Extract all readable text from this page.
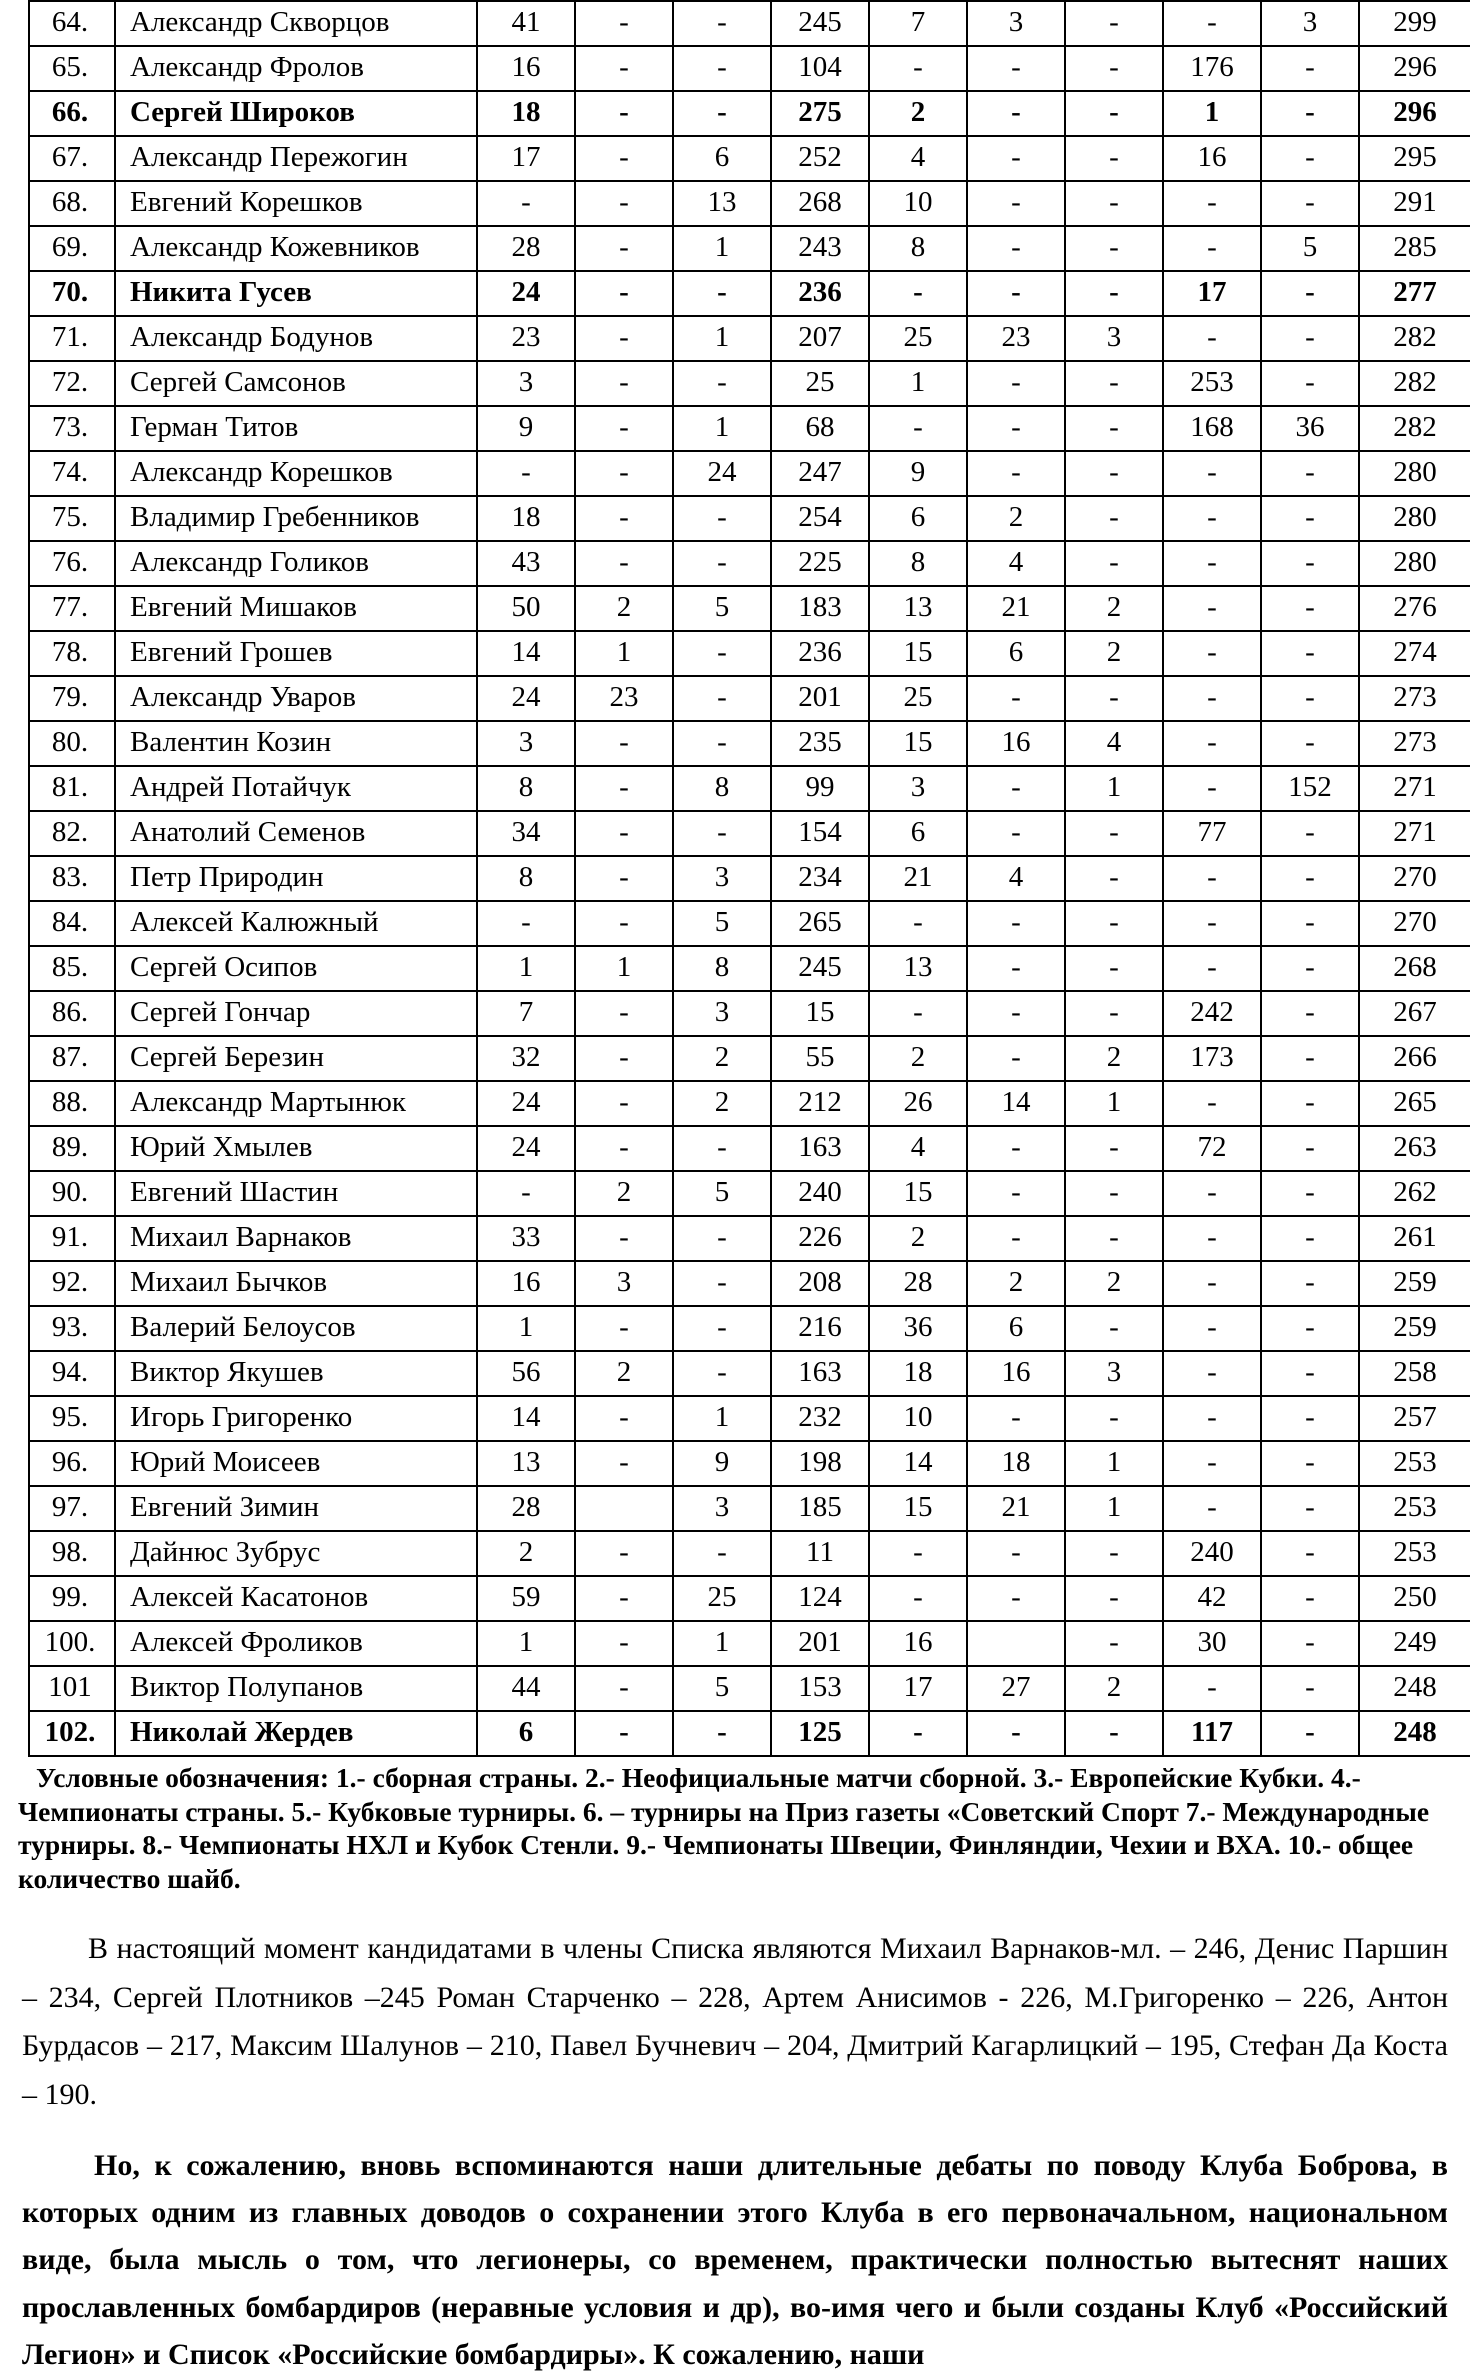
64.	Александр Скворцов	41	-	-	245	7	3	-	-	3	299
65.	Александр Фролов	16	-	-	104	-	-	-	176	-	296
66.	Сергей Широков	18	-	-	275	2	-	-	1	-	296
67.	Александр Пережогин	17	-	6	252	4	-	-	16	-	295
68.	Евгений Корешков	-	-	13	268	10	-	-	-	-	291
69.	Александр Кожевников	28	-	1	243	8	-	-	-	5	285
70.	Никита Гусев	24	-	-	236	-	-	-	17	-	277
71.	Александр Бодунов	23	-	1	207	25	23	3	-	-	282
72.	Сергей Самсонов	3	-	-	25	1	-	-	253	-	282
73.	Герман Титов	9	-	1	68	-	-	-	168	36	282
74.	Александр Корешков	-	-	24	247	9	-	-	-	-	280
75.	Владимир Гребенников	18	-	-	254	6	2	-	-	-	280
76.	Александр Голиков	43	-	-	225	8	4	-	-	-	280
77.	Евгений Мишаков	50	2	5	183	13	21	2	-	-	276
78.	Евгений Грошев	14	1	-	236	15	6	2	-	-	274
79.	Александр Уваров	24	23	-	201	25	-	-	-	-	273
80.	Валентин Козин	3	-	-	235	15	16	4	-	-	273
81.	Андрей Потайчук	8	-	8	99	3	-	1	-	152	271
82.	Анатолий Семенов	34	-	-	154	6	-	-	77	-	271
83.	Петр Природин	8	-	3	234	21	4	-	-	-	270
84.	Алексей Калюжный	-	-	5	265	-	-	-	-	-	270
85.	Сергей Осипов	1	1	8	245	13	-	-	-	-	268
86.	Сергей Гончар	7	-	3	15	-	-	-	242	-	267
87.	Сергей Березин	32	-	2	55	2	-	2	173	-	266
88.	Александр Мартынюк	24	-	2	212	26	14	1	-	-	265
89.	Юрий Хмылев	24	-	-	163	4	-	-	72	-	263
90.	Евгений Шастин	-	2	5	240	15	-	-	-	-	262
91.	Михаил Варнаков	33	-	-	226	2	-	-	-	-	261
92.	Михаил Бычков	16	3	-	208	28	2	2	-	-	259
93.	Валерий Белоусов	1	-	-	216	36	6	-	-	-	259
94.	Виктор Якушев	56	2	-	163	18	16	3	-	-	258
95.	Игорь Григоренко	14	-	1	232	10	-	-	-	-	257
96.	Юрий Моисеев	13	-	9	198	14	18	1	-	-	253
97.	Евгений Зимин	28		3	185	15	21	1	-	-	253
98.	Дайнюс Зубрус	2	-	-	11	-	-	-	240	-	253
99.	Алексей Касатонов	59	-	25	124	-	-	-	42	-	250
100.	Алексей Фроликов	1	-	1	201	16		-	30	-	249
101	Виктор Полупанов	44	-	5	153	17	27	2	-	-	248
102.	Николай Жердев	6	-	-	125	-	-	-	117	-	248
Условные обозначения: 1.- сборная страны. 2.- Неофициальные матчи сборной. 3.- Европейские Кубки. 4.- Чемпионаты страны. 5.- Кубковые турниры. 6. – турниры на Приз газеты «Советский Спорт 7.- Международные турниры. 8.- Чемпионаты НХЛ и Кубок Стенли. 9.- Чемпионаты Швеции, Финляндии, Чехии и ВХА. 10.- общее количество шайб.

В настоящий момент кандидатами в члены Списка являются Михаил Варнаков-мл. – 246, Денис Паршин – 234, Сергей Плотников –245 Роман Старченко – 228, Артем Анисимов - 226, М.Григоренко – 226, Антон Бурдасов – 217, Максим Шалунов – 210, Павел Бучневич – 204, Дмитрий Кагарлицкий – 195, Стефан Да Коста – 190.

Но, к сожалению, вновь вспоминаются наши длительные дебаты по поводу Клуба Боброва, в которых одним из главных доводов о сохранении этого Клуба в его первоначальном, национальном виде, была мысль о том, что легионеры, со временем, практически полностью вытеснят наших прославленных бомбардиров (неравные условия и др), во-имя чего и были созданы Клуб «Российский Легион» и Список «Российские бомбардиры». К сожалению, наши
